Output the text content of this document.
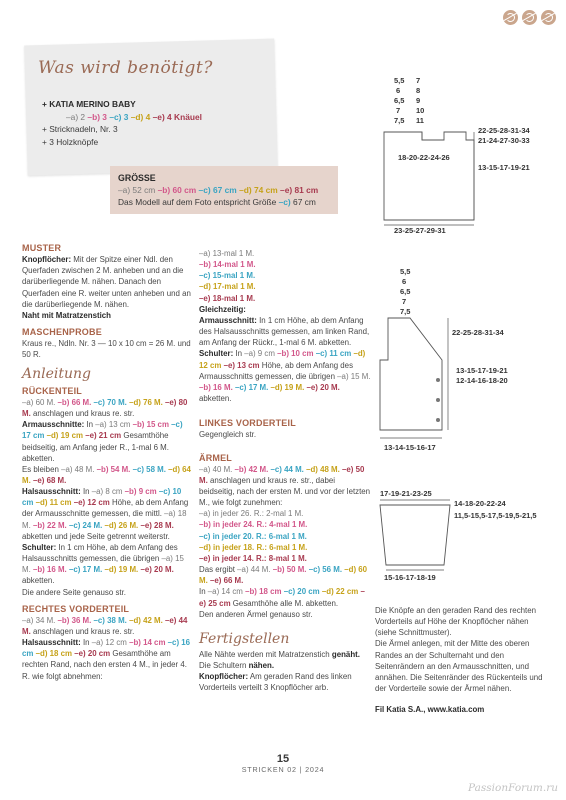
Was wird benötigt?
+ KATIA MERINO BABY
–a) 2 –b) 3 –c) 3 –d) 4 –e) 4 Knäuel
+ Stricknadeln, Nr. 3
+ 3 Holzknöpfe
GRÖSSE
–a) 52 cm –b) 60 cm –c) 67 cm –d) 74 cm –e) 81 cm
Das Modell auf dem Foto entspricht Größe –c) 67 cm
5,5
6
6,5
7
7,5
7
8
9
10
11
18-20-22-24-26
22-25-28-31-34
21-24-27-30-33
13-15-17-19-21
23-25-27-29-31
5,5
6
6,5
7
7,5
22-25-28-31-34
13-15-17-19-21
12-14-16-18-20
13-14-15-16-17
17-19-21-23-25
14-18-20-22-24
11,5-15,5-17,5-19,5-21,5
15-16-17-18-19
MUSTER
Knopflöcher: Mit der Spitze einer Ndl. den Querfaden zwischen 2 M. anheben und an die darüberliegende M. nähen. Danach den Querfaden eine R. weiter unten anheben und an die darüberliegende M. nähen.
Naht mit Matratzenstich
MASCHENPROBE
Kraus re., Ndln. Nr. 3 — 10 x 10 cm = 26 M. und 50 R.
Anleitung
RÜCKENTEIL
–a) 60 M. –b) 66 M. –c) 70 M. –d) 76 M. –e) 80 M. anschlagen und kraus re. str.
Armausschnitte: In –a) 13 cm –b) 15 cm –c) 17 cm –d) 19 cm –e) 21 cm Gesamthöhe beidseitig, am Anfang jeder R., 1-mal 6 M. abketten.
Es bleiben –a) 48 M. –b) 54 M. –c) 58 M. –d) 64 M. –e) 68 M.
Halsausschnitt: In –a) 8 cm –b) 9 cm –c) 10 cm –d) 11 cm –e) 12 cm Höhe, ab dem Anfang der Armausschnitte gemessen, die mittl. –a) 18 M. –b) 22 M. –c) 24 M. –d) 26 M. –e) 28 M. abketten und jede Seite getrennt weiterstr.
Schulter: In 1 cm Höhe, ab dem Anfang des Halsausschnitts gemessen, die übrigen –a) 15 M. –b) 16 M. –c) 17 M. –d) 19 M. –e) 20 M. abketten.
Die andere Seite genauso str.
RECHTES VORDERTEIL
–a) 34 M. –b) 36 M. –c) 38 M. –d) 42 M. –e) 44 M. anschlagen und kraus re. str.
Halsausschnitt: In –a) 12 cm –b) 14 cm –c) 16 cm –d) 18 cm –e) 20 cm Gesamthöhe am rechten Rand, nach den ersten 4 M., in jeder 4. R. wie folgt abnehmen:
–a) 13-mal 1 M.
–b) 14-mal 1 M.
–c) 15-mal 1 M.
–d) 17-mal 1 M.
–e) 18-mal 1 M.
Gleichzeitig:
Armausschnitt: In 1 cm Höhe, ab dem Anfang des Halsausschnitts gemessen, am linken Rand, am Anfang der Rückr., 1-mal 6 M. abketten.
Schulter: In –a) 9 cm –b) 10 cm –c) 11 cm –d) 12 cm –e) 13 cm Höhe, ab dem Anfang des Armausschnitts gemessen, die übrigen –a) 15 M. –b) 16 M. –c) 17 M. –d) 19 M. –e) 20 M. abketten.
LINKES VORDERTEIL
Gegengleich str.
ÄRMEL
–a) 40 M. –b) 42 M. –c) 44 M. –d) 48 M. –e) 50 M. anschlagen und kraus re. str., dabei beidseitig, nach der ersten M. und vor der letzten M., wie folgt zunehmen:
–a) in jeder 26. R.: 2-mal 1 M.
–b) in jeder 24. R.: 4-mal 1 M.
–c) in jeder 20. R.: 6-mal 1 M.
–d) in jeder 18. R.: 6-mal 1 M.
–e) in jeder 14. R.: 8-mal 1 M.
Das ergibt –a) 44 M. –b) 50 M. –c) 56 M. –d) 60 M. –e) 66 M.
In –a) 14 cm –b) 18 cm –c) 20 cm –d) 22 cm –e) 25 cm Gesamthöhe alle M. abketten.
Den anderen Ärmel genauso str.
Fertigstellen
Alle Nähte werden mit Matratzenstich genäht. Die Schultern nähen.
Knopflöcher: Am geraden Rand des linken Vorderteils verteilt 3 Knopflöcher arb.
Die Knöpfe an den geraden Rand des rechten Vorderteils auf Höhe der Knopflöcher nähen (siehe Schnittmuster).
Die Ärmel anlegen, mit der Mitte des oberen Randes an der Schulternaht und den Seitenrändern an den Armausschnitten, und annähen. Die Seitenränder des Rückenteils und der Vorderteile sowie der Ärmel nähen.
Fil Katia S.A., www.katia.com
15
STRICKEN 02 | 2024
PassionForum.ru
